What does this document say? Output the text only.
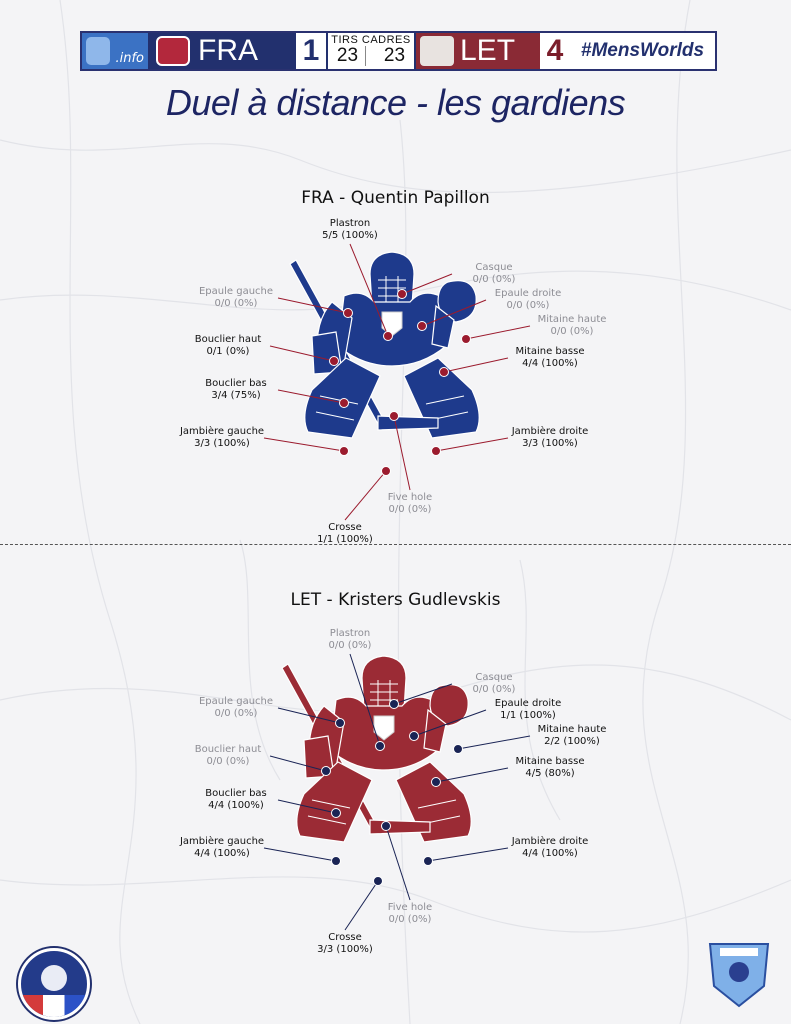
.info FRA 1	TIRS CADRES
23	23 LET 4 #MensWorlds
Duel à distance - les gardiens
FRA - Quentin Papillon
LET - Kristers Gudlevskis
Plastron
5/5 (100%)
Casque
0/0 (0%)
Epaule gauche
0/0 (0%)
Epaule droite
0/0 (0%)
Mitaine haute
0/0 (0%)
Bouclier haut
0/1 (0%)	Mitaine basse
4/4 (100%)
Bouclier bas
3/4 (75%)
Jambière gauche
3/3 (100%)
Jambière droite
3/3 (100%)
Five hole
0/0 (0%)
Crosse
1/1 (100%)
Plastron
0/0 (0%)
Casque
0/0 (0%)
Epaule gauche
0/0 (0%)
Epaule droite
1/1 (100%)
Mitaine haute
2/2 (100%)
Bouclier haut
0/0 (0%)	Mitaine basse
4/5 (80%)
Bouclier bas
4/4 (100%)
Jambière gauche
4/4 (100%)
Jambière droite
4/4 (100%)
Five hole
0/0 (0%)
Crosse
3/3 (100%)
